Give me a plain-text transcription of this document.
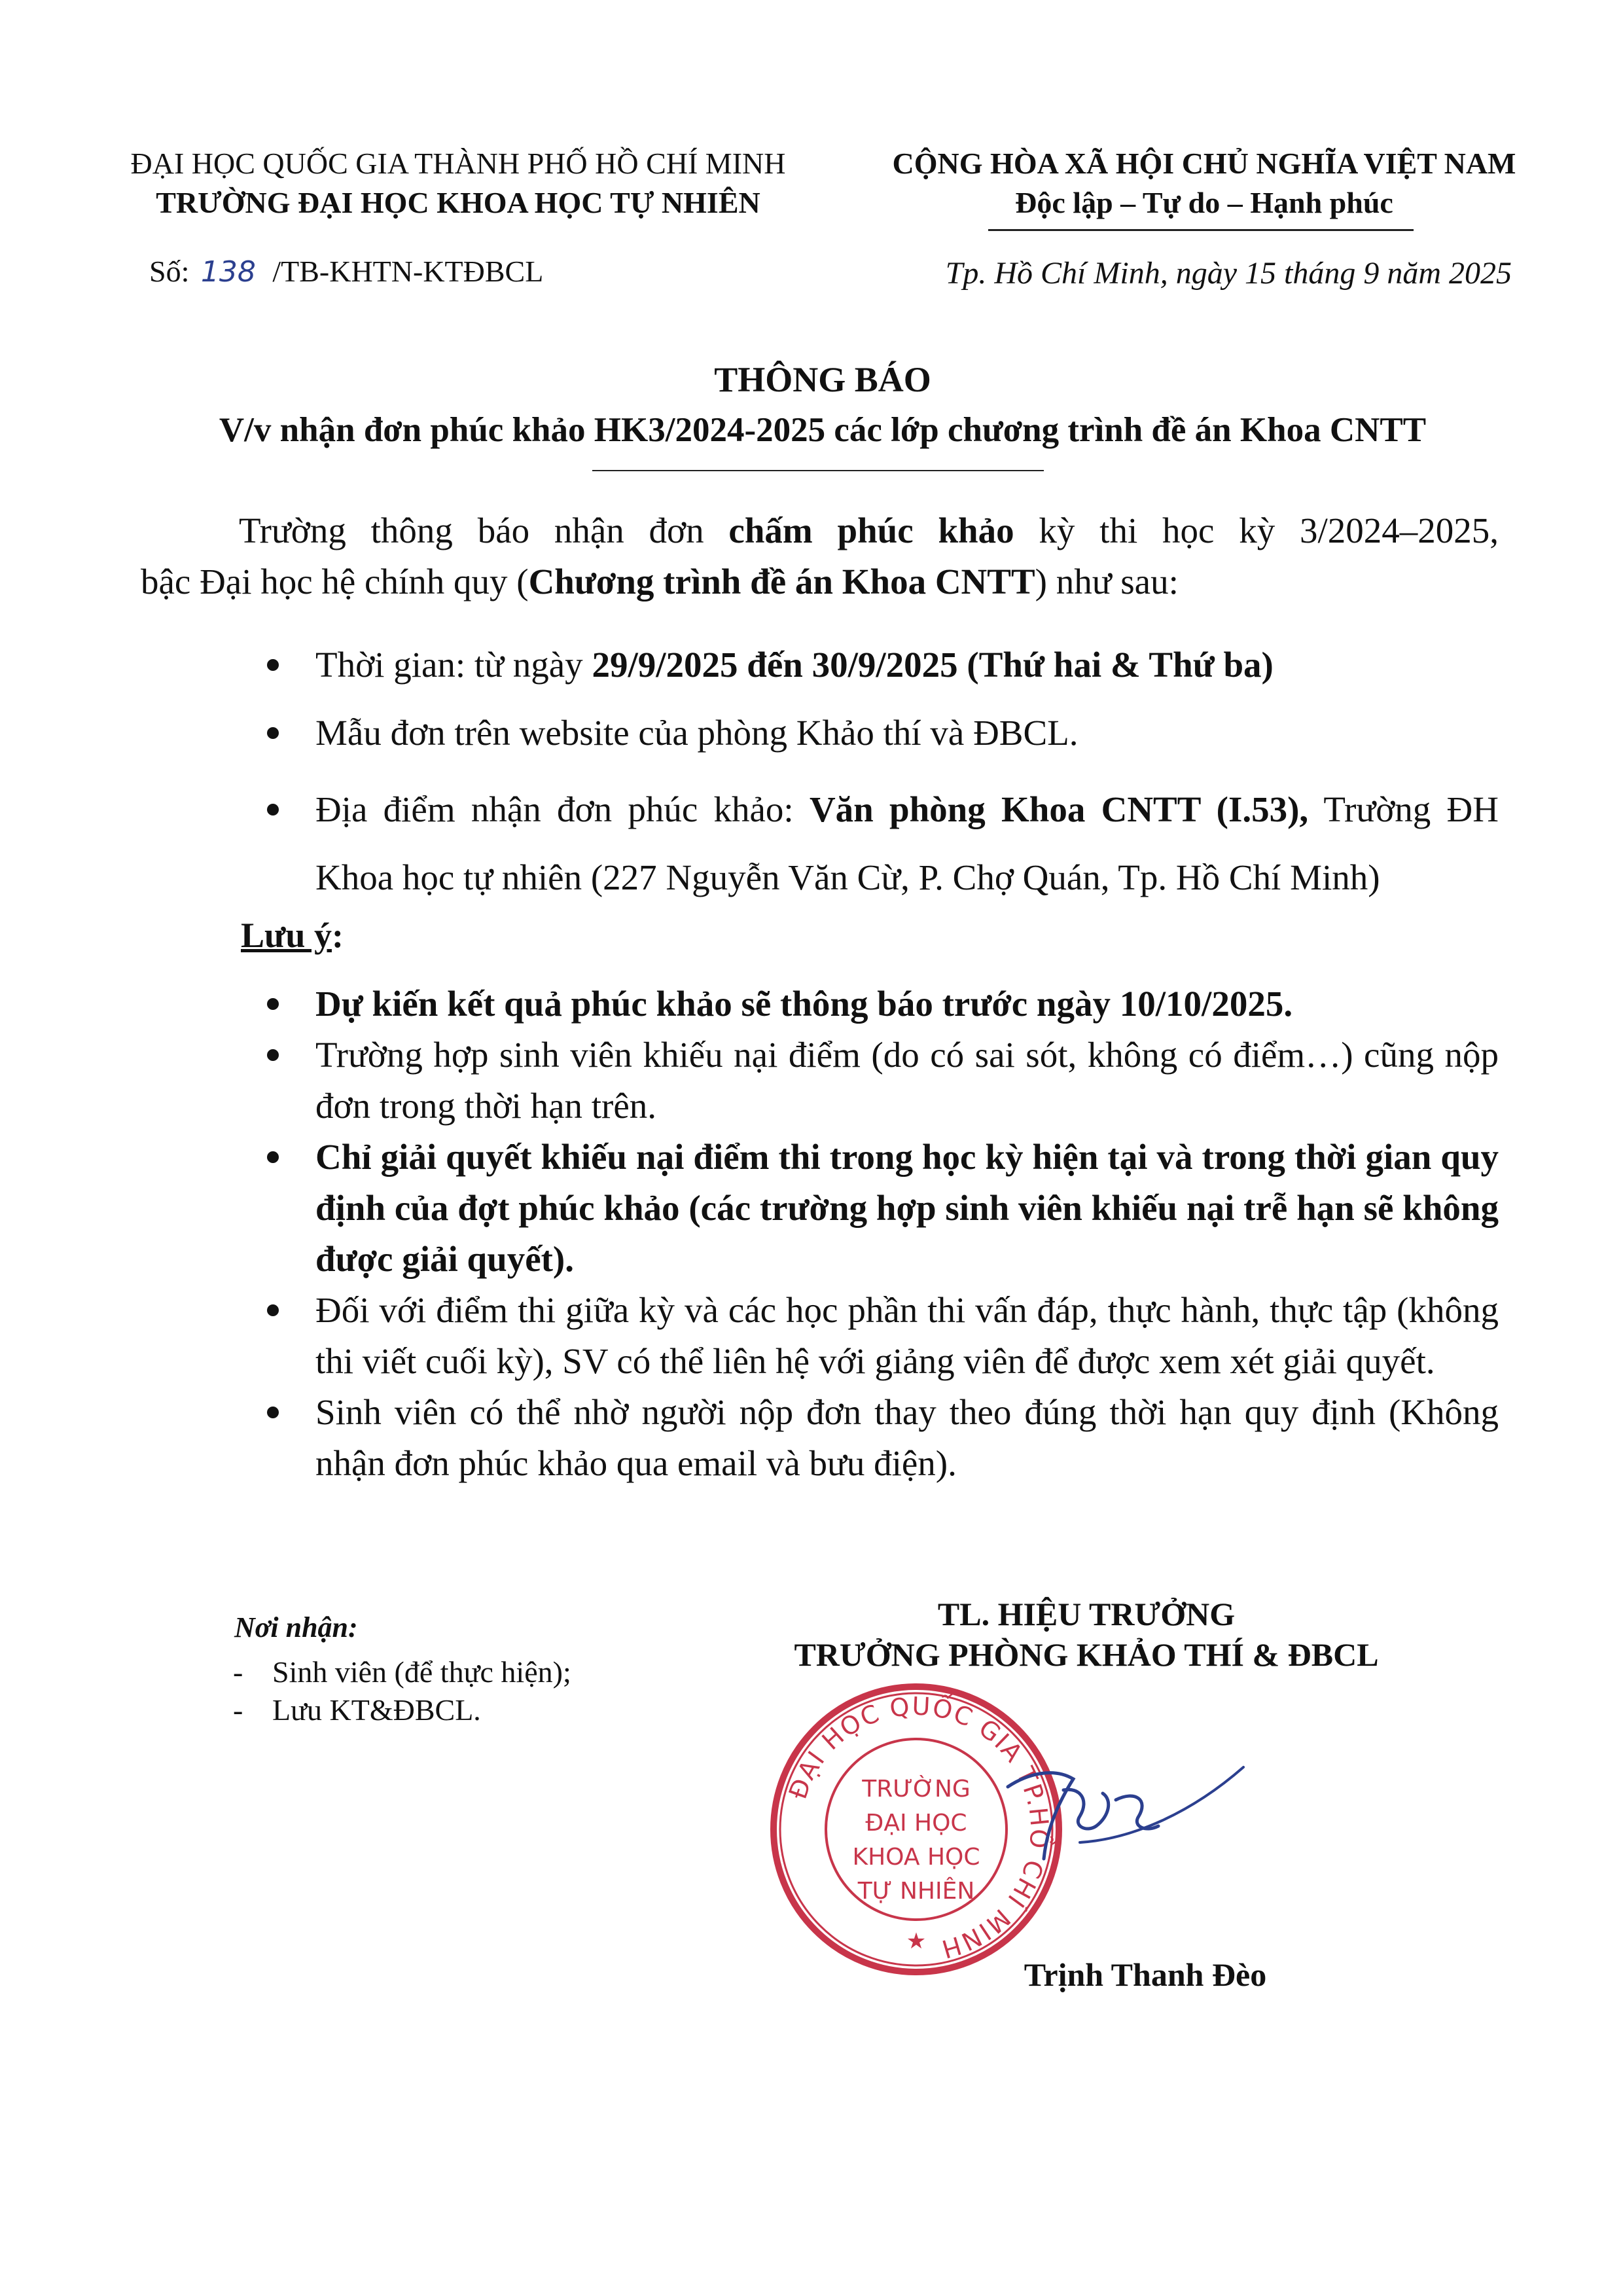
ĐẠI HỌC QUỐC GIA THÀNH PHỐ HỒ CHÍ MINH
TRƯỜNG ĐẠI HỌC KHOA HỌC TỰ NHIÊN
CỘNG HÒA XÃ HỘI CHỦ NGHĨA VIỆT NAM
Độc lập – Tự do – Hạnh phúc
Số: 138 /TB-KHTN-KTĐBCL	Tp. Hồ Chí Minh, ngày 15 tháng 9 năm 2025
THÔNG BÁO
V/v nhận đơn phúc khảo HK3/2024-2025 các lớp chương trình đề án Khoa CNTT
Trường thông báo nhận đơn chấm phúc khảo kỳ thi học kỳ 3/2024–2025,
bậc Đại học hệ chính quy (Chương trình đề án Khoa CNTT) như sau:
Thời gian: từ ngày 29/9/2025 đến 30/9/2025 (Thứ hai & Thứ ba)
Mẫu đơn trên website của phòng Khảo thí và ĐBCL.
Địa điểm nhận đơn phúc khảo: Văn phòng Khoa CNTT (I.53), Trường ĐH Khoa học tự nhiên (227 Nguyễn Văn Cừ, P. Chợ Quán, Tp. Hồ Chí Minh)
Lưu ý:
Dự kiến kết quả phúc khảo sẽ thông báo trước ngày 10/10/2025.
Trường hợp sinh viên khiếu nại điểm (do có sai sót, không có điểm…) cũng nộp đơn trong thời hạn trên.
Chỉ giải quyết khiếu nại điểm thi trong học kỳ hiện tại và trong thời gian quy định của đợt phúc khảo (các trường hợp sinh viên khiếu nại trễ hạn sẽ không được giải quyết).
Đối với điểm thi giữa kỳ và các học phần thi vấn đáp, thực hành, thực tập (không thi viết cuối kỳ), SV có thể liên hệ với giảng viên để được xem xét giải quyết.
Sinh viên có thể nhờ người nộp đơn thay theo đúng thời hạn quy định (Không nhận đơn phúc khảo qua email và bưu điện).
Nơi nhận:
- Sinh viên (để thực hiện);
- Lưu KT&ĐBCL.
TL. HIỆU TRƯỞNG
TRƯỞNG PHÒNG KHẢO THÍ & ĐBCL
ĐẠI HỌC QUỐC GIA TP.HỒ CHÍ MINH
TRƯỜNG
ĐẠI HỌC
KHOA HỌC
TỰ NHIÊN
★
Trịnh Thanh Đèo
